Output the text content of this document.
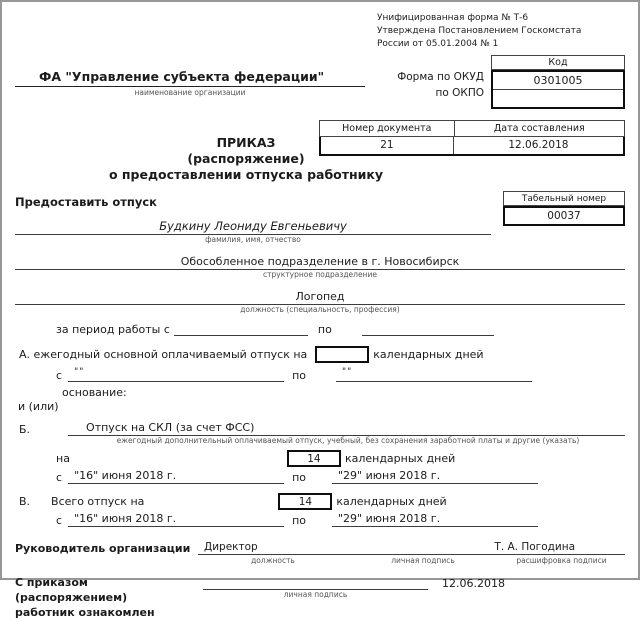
Унифицированная форма № Т-6
Утверждена Постановлением Госкомстата
России от 05.01.2004 № 1
ФА "Управление субъекта федерации"
наименование организации
Форма по ОКУД
по ОКПО
Код
0301005
Номер документа	Дата составления
21	12.06.2018
ПРИКАЗ
(распоряжение)
о предоставлении отпуска работнику
Предоставить отпуск
Будкину Леониду Евгеньевичу
фамилия, имя, отчество
Табельный номер
00037
Обособленное подразделение в г. Новосибирск
структурное подразделение
Логопед
должность (специальность, профессия)
за период работы с	по
А. ежегодный основной оплачиваемый отпуск на	календарных дней
с	""	по	""
основание:
и (или)
Б.	Отпуск на СКЛ (за счет ФСС)
ежегодный дополнительный оплачиваемый отпуск, учебный, без сохранения заработной платы и другие (указать)
на	14	календарных дней
с	"16" июня 2018 г.	по	"29" июня 2018 г.
В. Всего отпуск на	14	календарных дней
с	"16" июня 2018 г.	по	"29" июня 2018 г.
Руководитель организации	Директор	Т. А. Погодина
должность	личная подпись	расшифровка подписи
С приказом (распоряжением)
работник ознакомлен
личная подпись
12.06.2018
